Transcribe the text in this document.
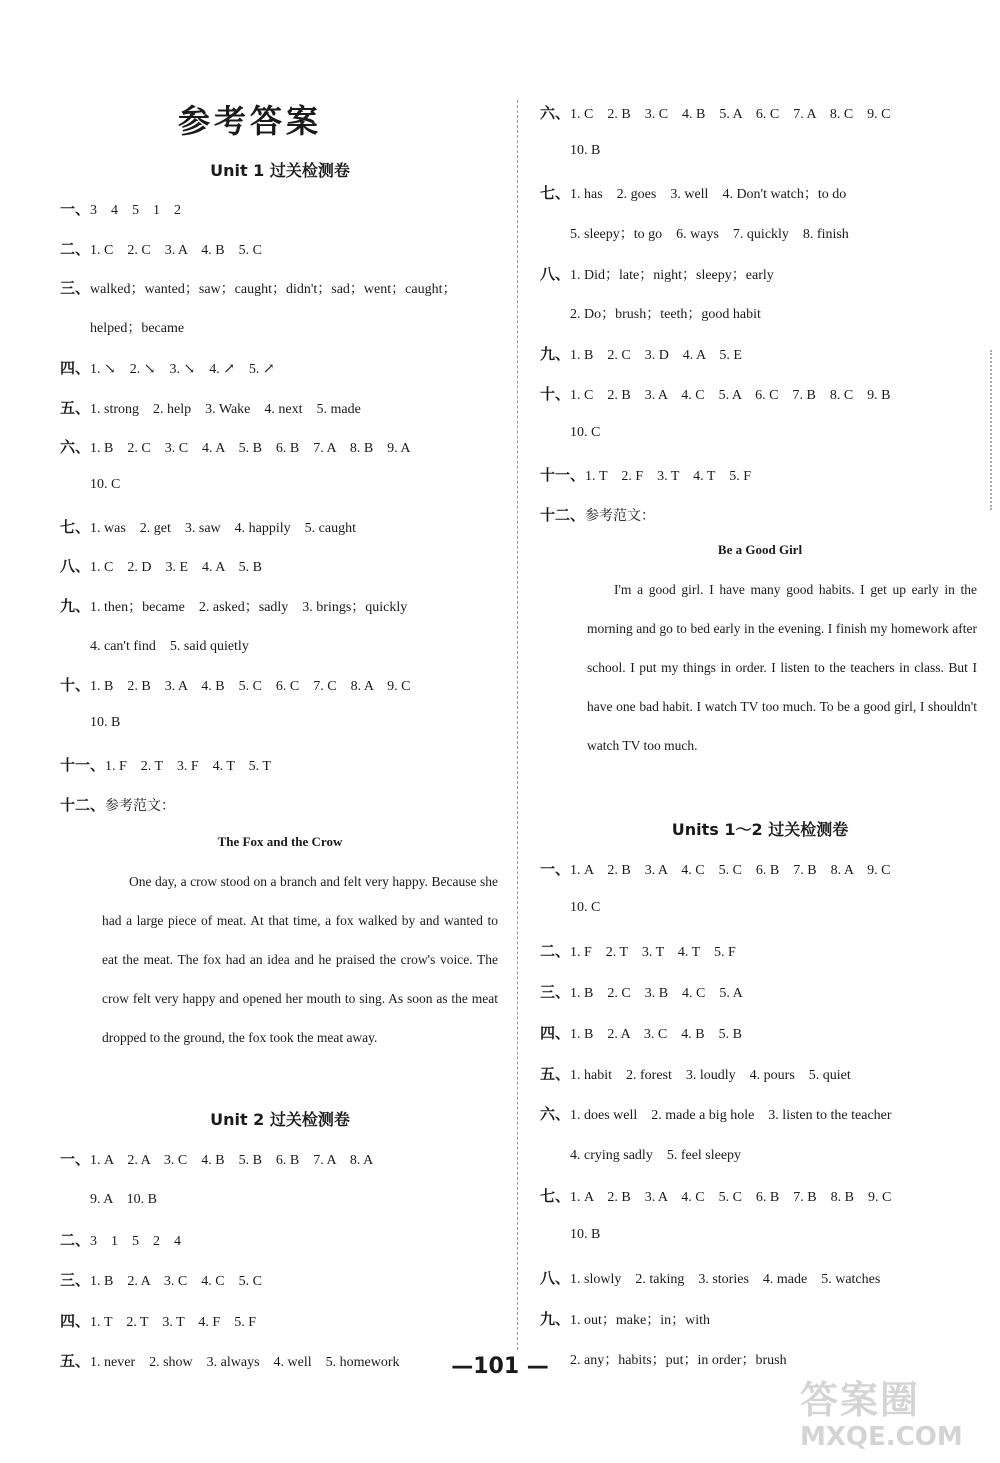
参考答案
Unit 1 过关检测卷
一、3　4　5　1　2
二、1. C　2. C　3. A　4. B　5. C
三、walked；wanted；saw；caught；didn't；sad；went；caught；
helped；became
四、1. ↘　2. ↘　3. ↘　4. ↗　5. ↗
五、1. strong　2. help　3. Wake　4. next　5. made
六、1. B　2. C　3. C　4. A　5. B　6. B　7. A　8. B　9. A
10. C
七、1. was　2. get　3. saw　4. happily　5. caught
八、1. C　2. D　3. E　4. A　5. B
九、1. then；became　2. asked；sadly　3. brings；quickly
4. can't find　5. said quietly
十、1. B　2. B　3. A　4. B　5. C　6. C　7. C　8. A　9. C
10. B
十一、1. F　2. T　3. F　4. T　5. T
十二、参考范文：
The Fox and the Crow

One day, a crow stood on a branch and felt very happy. Because she had a large piece of meat. At that time, a fox walked by and wanted to eat the meat. The fox had an idea and he praised the crow's voice. The crow felt very happy and opened her mouth to sing. As soon as the meat dropped to the ground, the fox took the meat away.

Unit 2 过关检测卷
一、1. A　2. A　3. C　4. B　5. B　6. B　7. A　8. A
9. A　10. B
二、3　1　5　2　4
三、1. B　2. A　3. C　4. C　5. C
四、1. T　2. T　3. T　4. F　5. F
五、1. never　2. show　3. always　4. well　5. homework
六、1. C　2. B　3. C　4. B　5. A　6. C　7. A　8. C　9. C
10. B
七、1. has　2. goes　3. well　4. Don't watch；to do
5. sleepy；to go　6. ways　7. quickly　8. finish
八、1. Did；late；night；sleepy；early
2. Do；brush；teeth；good habit
九、1. B　2. C　3. D　4. A　5. E
十、1. C　2. B　3. A　4. C　5. A　6. C　7. B　8. C　9. B
10. C
十一、1. T　2. F　3. T　4. T　5. F
十二、参考范文：
Be a Good Girl

I'm a good girl. I have many good habits. I get up early in the morning and go to bed early in the evening. I finish my homework after school. I put my things in order. I listen to the teachers in class. But I have one bad habit. I watch TV too much. To be a good girl, I shouldn't watch TV too much.

Units 1～2 过关检测卷
一、1. A　2. B　3. A　4. C　5. C　6. B　7. B　8. A　9. C
10. C
二、1. F　2. T　3. T　4. T　5. F
三、1. B　2. C　3. B　4. C　5. A
四、1. B　2. A　3. C　4. B　5. B
五、1. habit　2. forest　3. loudly　4. pours　5. quiet
六、1. does well　2. made a big hole　3. listen to the teacher
4. crying sadly　5. feel sleepy
七、1. A　2. B　3. A　4. C　5. C　6. B　7. B　8. B　9. C
10. B
八、1. slowly　2. taking　3. stories　4. made　5. watches
九、1. out；make；in；with
2. any；habits；put；in order；brush
—101 —
答案圈
MXQE.COM
